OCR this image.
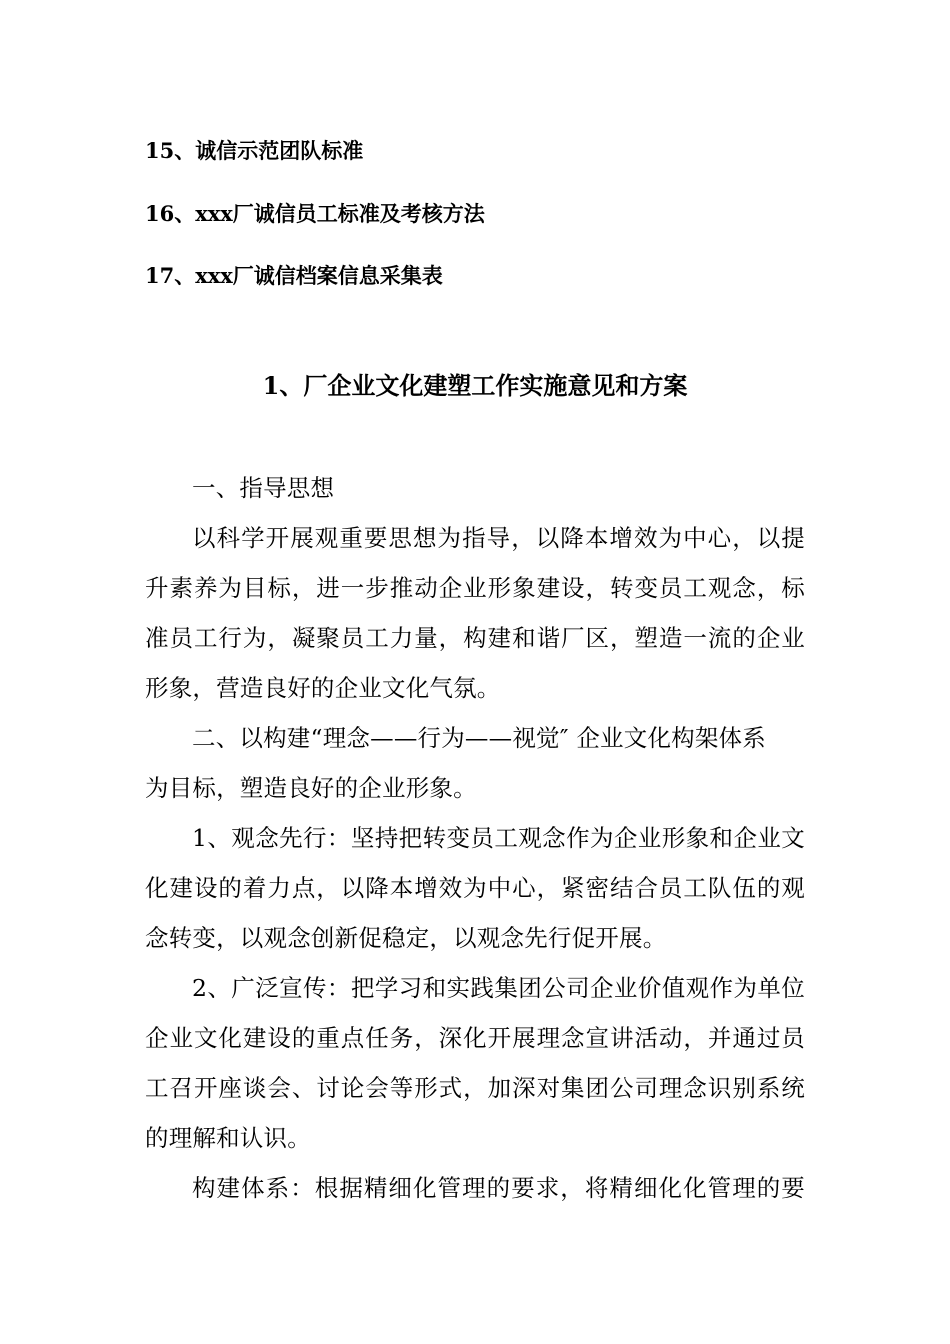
15、诚信示范团队标准
16、xxx厂诚信员工标准及考核方法
17、xxx厂诚信档案信息采集表
1、厂企业文化建塑工作实施意见和方案
一、指导思想
以科学开展观重要思想为指导，以降本增效为中心，以提
升素养为目标，进一步推动企业形象建设，转变员工观念，标
准员工行为，凝聚员工力量，构建和谐厂区，塑造一流的企业
形象，营造良好的企业文化气氛。
二、以构建“理念——行为——视觉″ 企业文化构架体系
为目标，塑造良好的企业形象。
1、观念先行：坚持把转变员工观念作为企业形象和企业文
化建设的着力点，以降本增效为中心，紧密结合员工队伍的观
念转变，以观念创新促稳定，以观念先行促开展。
2、广泛宣传：把学习和实践集团公司企业价值观作为单位
企业文化建设的重点任务，深化开展理念宣讲活动，并通过员
工召开座谈会、讨论会等形式，加深对集团公司理念识别系统
的理解和认识。
构建体系：根据精细化管理的要求，将精细化化管理的要
